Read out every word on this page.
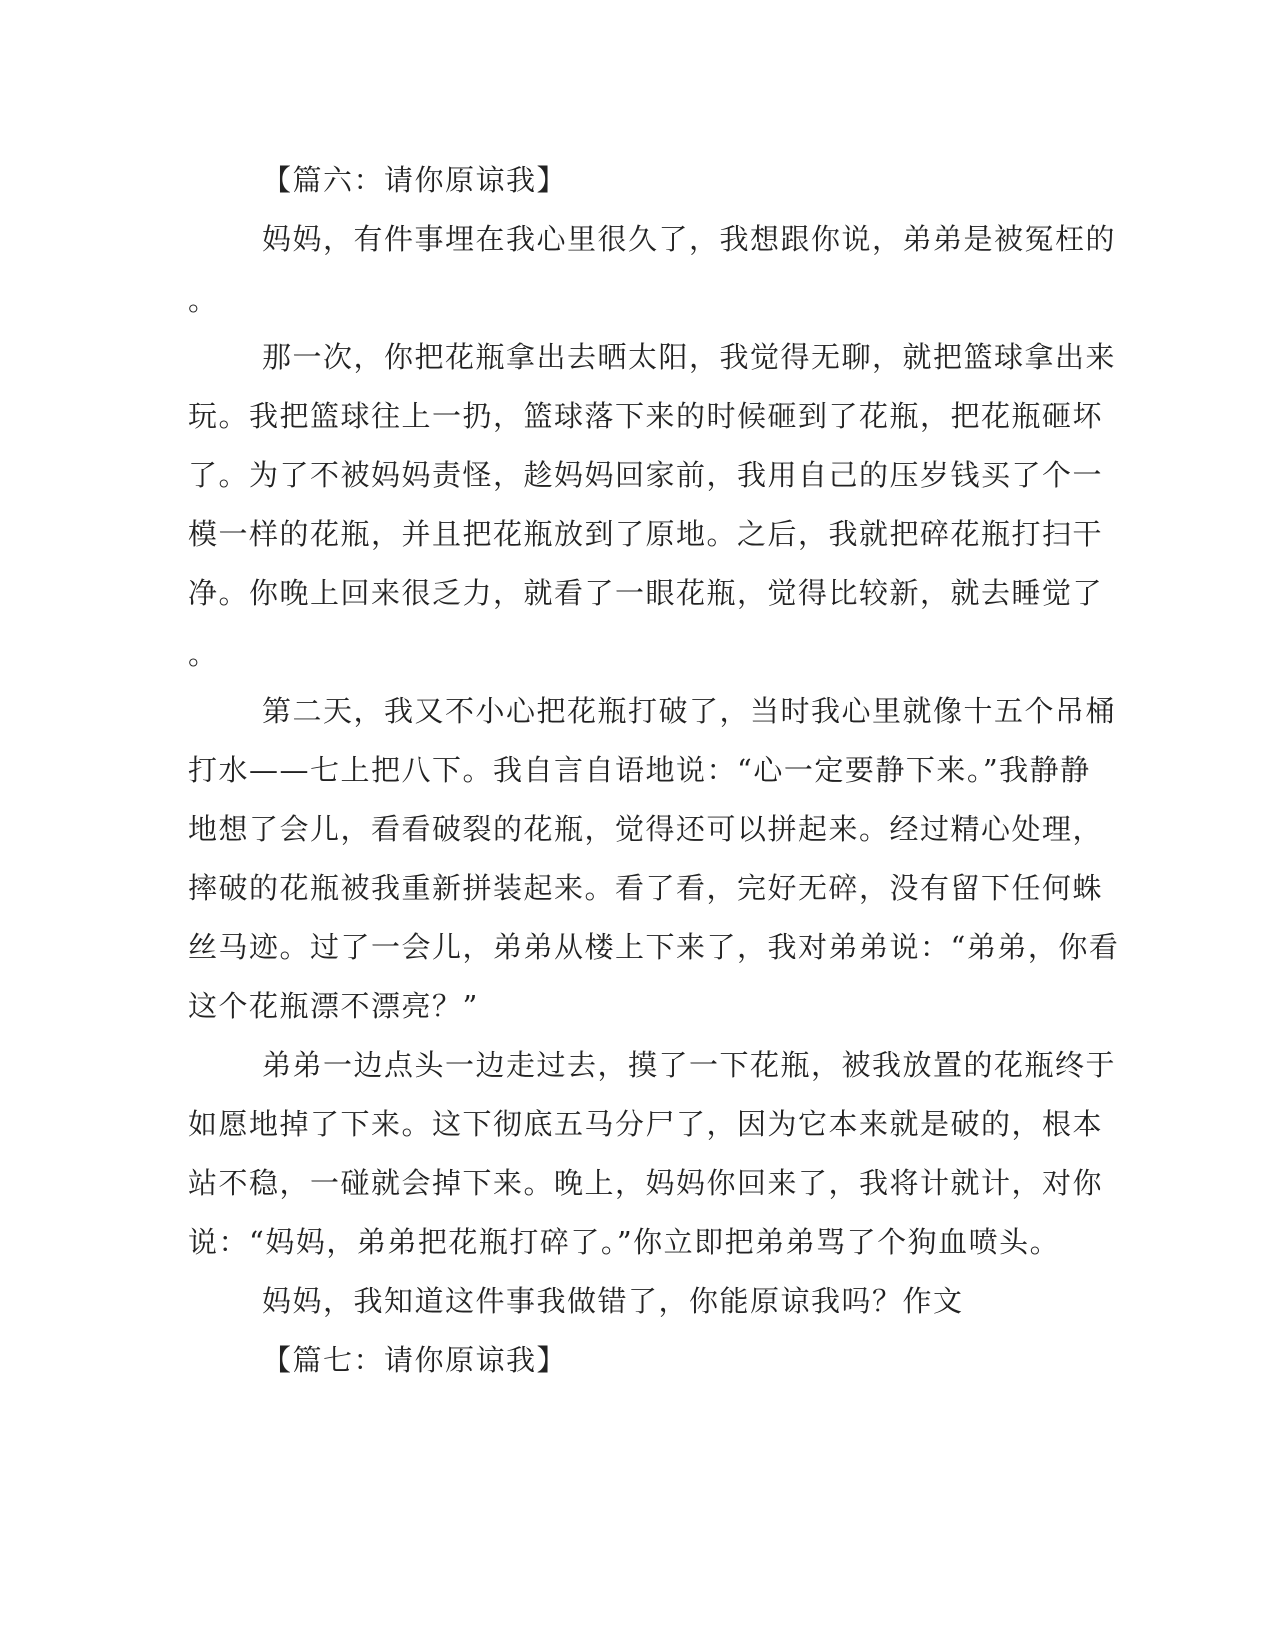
【篇六：请你原谅我】
妈妈，有件事埋在我心里很久了，我想跟你说，弟弟是被冤枉的
。
那一次，你把花瓶拿出去晒太阳，我觉得无聊，就把篮球拿出来
玩。我把篮球往上一扔，篮球落下来的时候砸到了花瓶，把花瓶砸坏
了。为了不被妈妈责怪，趁妈妈回家前，我用自己的压岁钱买了个一
模一样的花瓶，并且把花瓶放到了原地。之后，我就把碎花瓶打扫干
净。你晚上回来很乏力，就看了一眼花瓶，觉得比较新，就去睡觉了
。
第二天，我又不小心把花瓶打破了，当时我心里就像十五个吊桶
打水——七上把八下。我自言自语地说：“心一定要静下来。”我静静
地想了会儿，看看破裂的花瓶，觉得还可以拼起来。经过精心处理，
摔破的花瓶被我重新拼装起来。看了看，完好无碎，没有留下任何蛛
丝马迹。过了一会儿，弟弟从楼上下来了，我对弟弟说：“弟弟，你看
这个花瓶漂不漂亮？”
弟弟一边点头一边走过去，摸了一下花瓶，被我放置的花瓶终于
如愿地掉了下来。这下彻底五马分尸了，因为它本来就是破的，根本
站不稳，一碰就会掉下来。晚上，妈妈你回来了，我将计就计，对你
说：“妈妈，弟弟把花瓶打碎了。”你立即把弟弟骂了个狗血喷头。
妈妈，我知道这件事我做错了，你能原谅我吗？作文
【篇七：请你原谅我】
